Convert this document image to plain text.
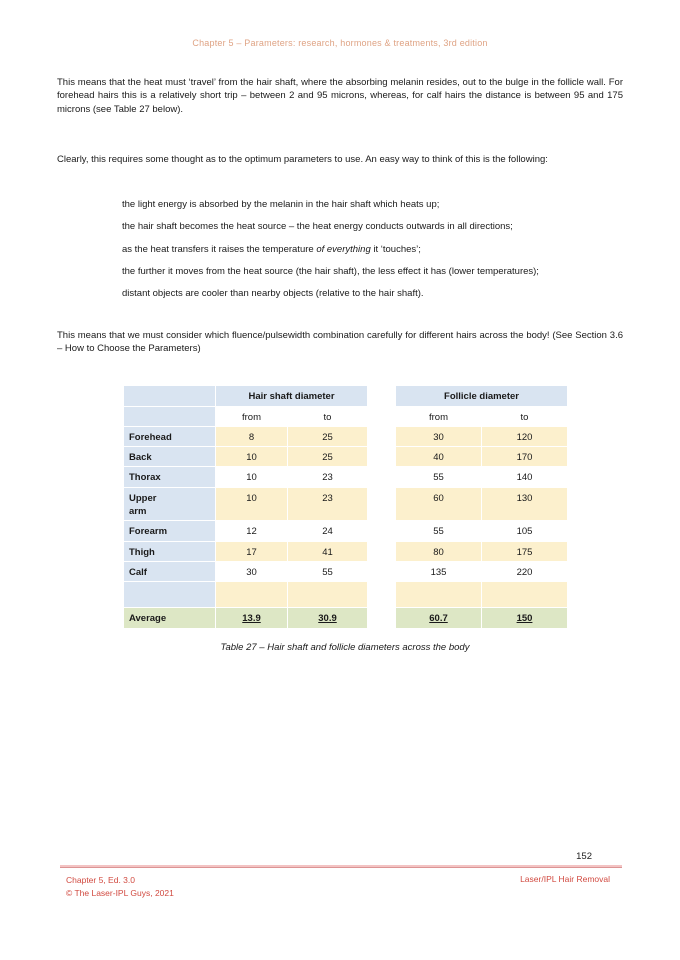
Chapter 5 – Parameters: research, hormones & treatments, 3rd edition

This means that the heat must ‘travel’ from the hair shaft, where the absorbing melanin resides, out to the bulge in the follicle wall. For forehead hairs this is a relatively short trip – between 2 and 95 microns, whereas, for calf hairs the distance is between 95 and 175 microns (see Table 27 below).

Clearly, this requires some thought as to the optimum parameters to use. An easy way to think of this is the following:

the light energy is absorbed by the melanin in the hair shaft which heats up;
the hair shaft becomes the heat source – the heat energy conducts outwards in all directions;
as the heat transfers it raises the temperature of everything it ‘touches’;
the further it moves from the heat source (the hair shaft), the less effect it has (lower temperatures);
distant objects are cooler than nearby objects (relative to the hair shaft).

This means that we must consider which fluence/pulsewidth combination carefully for different hairs across the body! (See Section 3.6 – How to Choose the Parameters)

	Hair shaft diameter			Follicle diameter	
	from	to		from	to
Forehead	8	25		30	120
Back	10	25		40	170
Thorax	10	23		55	140
Upper arm	10	23		60	130
Forearm	12	24		55	105
Thigh	17	41		80	175
Calf	30	55		135	220

Average	13.9	30.9		60.7	150
Table 27 – Hair shaft and follicle diameters across the body
152
Chapter 5, Ed. 3.0
© The Laser-IPL Guys, 2021
Laser/IPL Hair Removal
